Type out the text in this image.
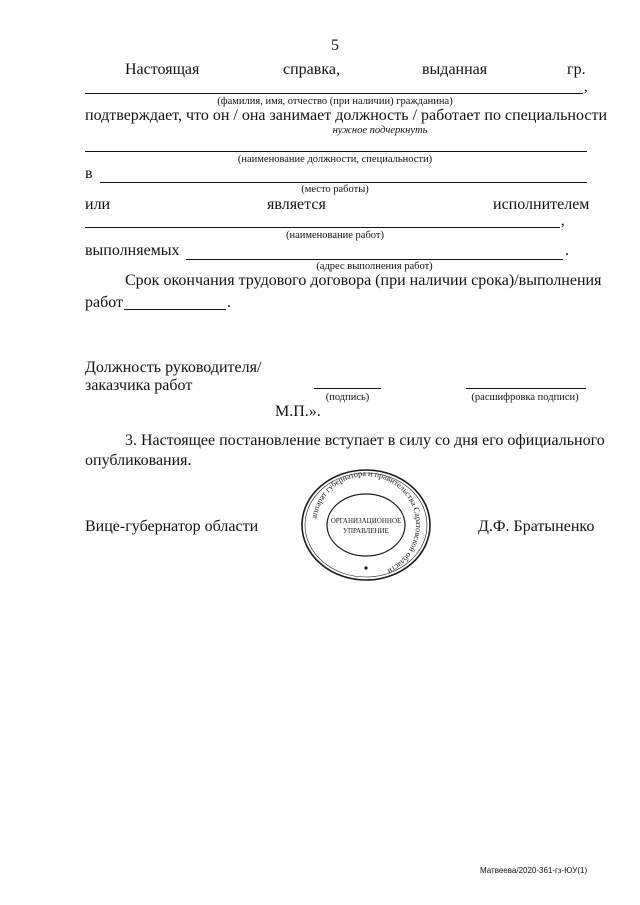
5
Настоящая	справка,	выданная	гр.
,
(фамилия, имя, отчество (при наличии) гражданина)
подтверждает, что он / она занимает должность / работает по специальности
нужное подчеркнуть
(наименование должности, специальности)
в
(место работы)
или	является	исполнителем
,
(наименование работ)
выполняемых	.
(адрес выполнения работ)
Срок окончания трудового договора (при наличии срока)/выполнения
работ	.
Должность руководителя/
заказчика работ
(подпись)	(расшифровка подписи)
М.П.».
3. Настоящее постановление вступает в силу со дня его официального
опубликования.
Вице-губернатор области	Д.Ф. Братыненко
аппарат губернатора и правительства Саратовской области
ОРГАНИЗАЦИОННОЕ
УПРАВЛЕНИЕ
Матвеева/2020-361-гз-ЮУ(1)
